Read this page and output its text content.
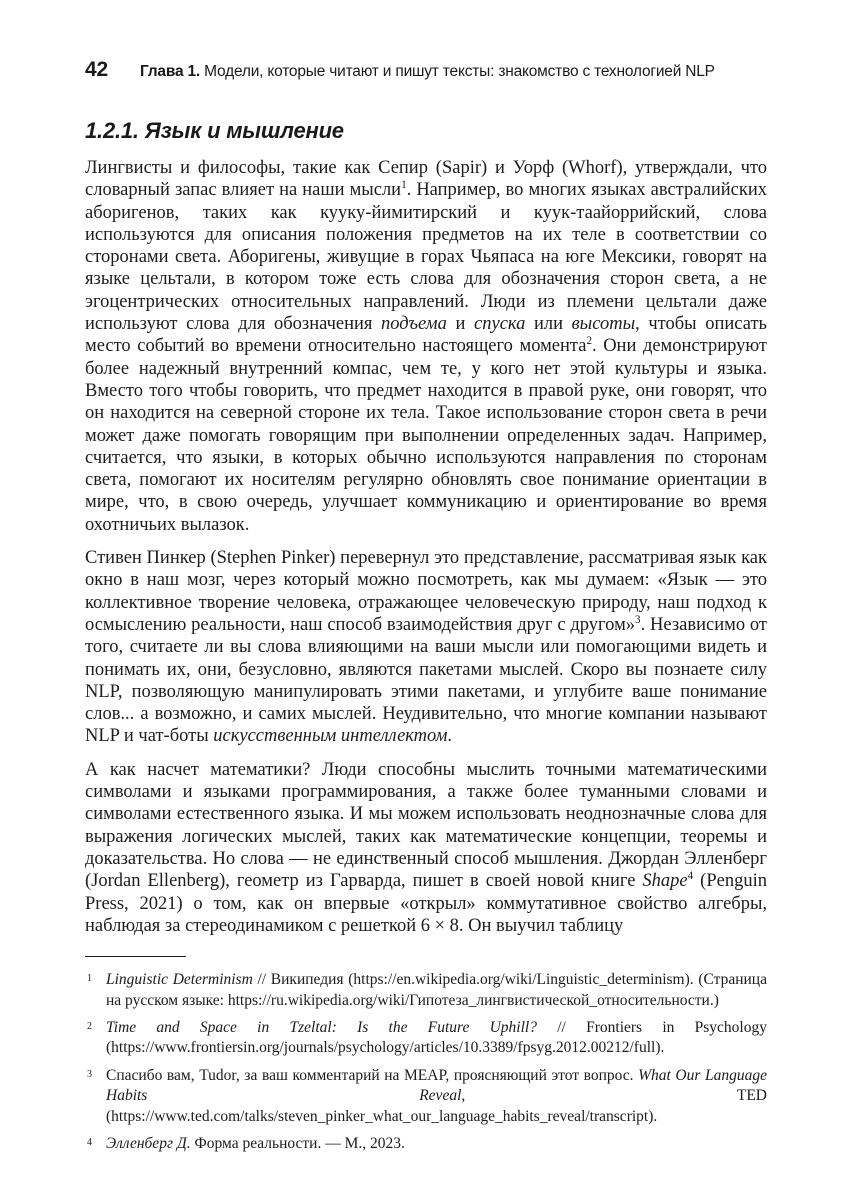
42 Глава 1. Модели, которые читают и пишут тексты: знакомство с технологией NLP
1.2.1. Язык и мышление

Лингвисты и философы, такие как Сепир (Sapir) и Уорф (Whorf), утверждали, что словарный запас влияет на наши мысли$^1$. Например, во многих языках австралийских аборигенов, таких как кууку-йимитирский и куук-таайоррийский, слова используются для описания положения предметов на их теле в соответствии со сторонами света. Аборигены, живущие в горах Чьяпаса на юге Мексики, говорят на языке цельтали, в котором тоже есть слова для обозначения сторон света, а не эгоцентрических относительных направлений. Люди из племени цельтали даже используют слова для обозначения подъема и спуска или высоты, чтобы описать место событий во времени относительно настоящего момента$^2$. Они демонстрируют более надежный внутренний компас, чем те, у кого нет этой культуры и языка. Вместо того чтобы говорить, что предмет находится в правой руке, они говорят, что он находится на северной стороне их тела. Такое использование сторон света в речи может даже помогать говорящим при выполнении определенных задач. Например, считается, что языки, в которых обычно используются направления по сторонам света, помогают их носителям регулярно обновлять свое понимание ориентации в мире, что, в свою очередь, улучшает коммуникацию и ориентирование во время охотничьих вылазок.

Стивен Пинкер (Stephen Pinker) перевернул это представление, рассматривая язык как окно в наш мозг, через который можно посмотреть, как мы думаем: «Язык — это коллективное творение человека, отражающее человеческую природу, наш подход к осмыслению реальности, наш способ взаимодействия друг с другом»$^3$. Независимо от того, считаете ли вы слова влияющими на ваши мысли или помогающими видеть и понимать их, они, безусловно, являются пакетами мыслей. Скоро вы познаете силу NLP, позволяющую манипулировать этими пакетами, и углубите ваше понимание слов... а возможно, и самих мыслей. Неудивительно, что многие компании называют NLP и чат-боты искусственным интеллектом.

А как насчет математики? Люди способны мыслить точными математическими символами и языками программирования, а также более туманными словами и символами естественного языка. И мы можем использовать неоднозначные слова для выражения логических мыслей, таких как математические концепции, теоремы и доказательства. Но слова — не единственный способ мышления. Джордан Элленберг (Jordan Ellenberg), геометр из Гарварда, пишет в своей новой книге Shape$^4$ (Penguin Press, 2021) о том, как он впервые «открыл» коммутативное свойство алгебры, наблюдая за стереодинамиком с решеткой 6 × 8. Он выучил таблицу

1 Linguistic Determinism // Википедия (https://en.wikipedia.org/wiki/Linguistic_determinism). (Страница на русском языке: https://ru.wikipedia.org/wiki/Гипотеза_лингвистической_относительности.)
2 Time and Space in Tzeltal: Is the Future Uphill? // Frontiers in Psychology (https://www.frontiersin.org/journals/psychology/articles/10.3389/fpsyg.2012.00212/full).
3 Спасибо вам, Tudor, за ваш комментарий на MEAP, проясняющий этот вопрос. What Our Language Habits Reveal, TED (https://www.ted.com/talks/steven_pinker_what_our_language_habits_reveal/transcript).
4 Элленберг Д. Форма реальности. — М., 2023.
